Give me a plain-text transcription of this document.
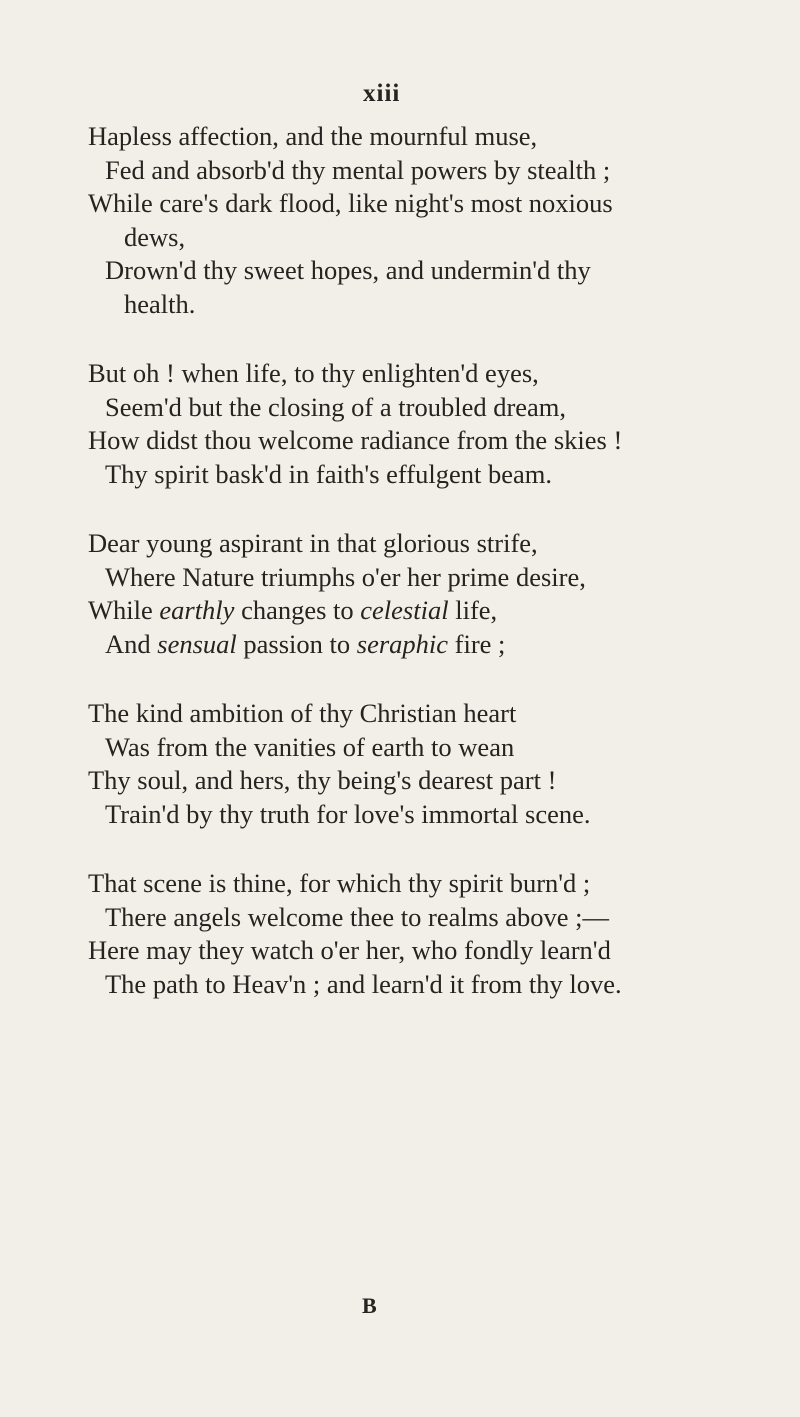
xiii
Hapless affection, and the mournful muse,
Fed and absorb'd thy mental powers by stealth ;
While care's dark flood, like night's most noxious
dews,
Drown'd thy sweet hopes, and undermin'd thy
health.
But oh ! when life, to thy enlighten'd eyes,
Seem'd but the closing of a troubled dream,
How didst thou welcome radiance from the skies !
Thy spirit bask'd in faith's effulgent beam.
Dear young aspirant in that glorious strife,
Where Nature triumphs o'er her prime desire,
While earthly changes to celestial life,
And sensual passion to seraphic fire ;
The kind ambition of thy Christian heart
Was from the vanities of earth to wean
Thy soul, and hers, thy being's dearest part !
Train'd by thy truth for love's immortal scene.
That scene is thine, for which thy spirit burn'd ;
There angels welcome thee to realms above ;—
Here may they watch o'er her, who fondly learn'd
The path to Heav'n ; and learn'd it from thy love.
B
